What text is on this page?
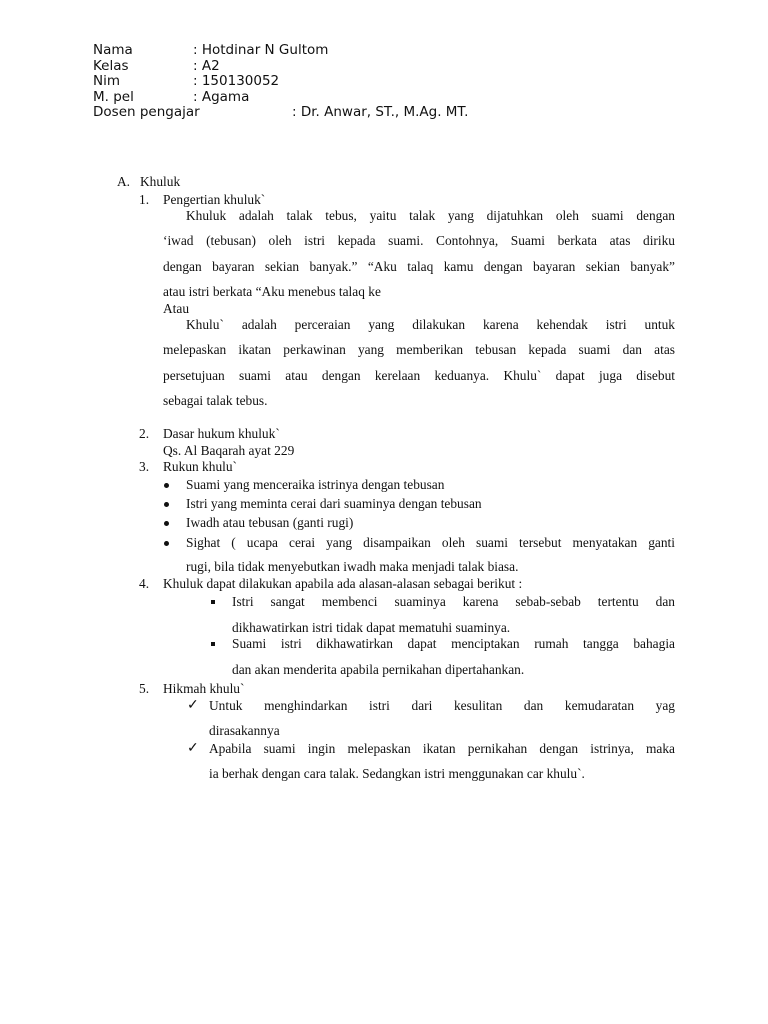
Nama	: Hotdinar N Gultom
Kelas	: A2
Nim	: 150130052
M. pel	: Agama
Dosen pengajar	: Dr. Anwar, ST., M.Ag. MT.
A. Khuluk
1. Pengertian khuluk`
Khuluk adalah talak tebus, yaitu talak yang dijatuhkan oleh suami dengan
‘iwad (tebusan) oleh istri kepada suami. Contohnya, Suami berkata atas diriku
dengan bayaran sekian banyak.” “Aku talaq kamu dengan bayaran sekian banyak”
atau istri berkata “Aku menebus talaq ke
Atau
Khulu` adalah perceraian yang dilakukan karena kehendak istri untuk
melepaskan ikatan perkawinan yang memberikan tebusan kepada suami dan atas
persetujuan suami atau dengan kerelaan keduanya. Khulu` dapat juga disebut
sebagai talak tebus.
2. Dasar hukum khuluk`
Qs. Al Baqarah ayat 229
3. Rukun khulu`
Suami yang menceraika istrinya dengan tebusan
Istri yang meminta cerai dari suaminya dengan tebusan
Iwadh atau tebusan (ganti rugi)
Sighat ( ucapa cerai yang disampaikan oleh suami tersebut menyatakan ganti
rugi, bila tidak menyebutkan iwadh maka menjadi talak biasa.
4. Khuluk dapat dilakukan apabila ada alasan-alasan sebagai berikut :
Istri sangat membenci suaminya karena sebab-sebab tertentu dan
dikhawatirkan istri tidak dapat mematuhi suaminya.
Suami istri dikhawatirkan dapat menciptakan rumah tangga bahagia
dan akan menderita apabila pernikahan dipertahankan.
5. Hikmah khulu`
✓ Untuk menghindarkan istri dari kesulitan dan kemudaratan yag
dirasakannya
✓ Apabila suami ingin melepaskan ikatan pernikahan dengan istrinya, maka
ia berhak dengan cara talak. Sedangkan istri menggunakan car khulu`.
